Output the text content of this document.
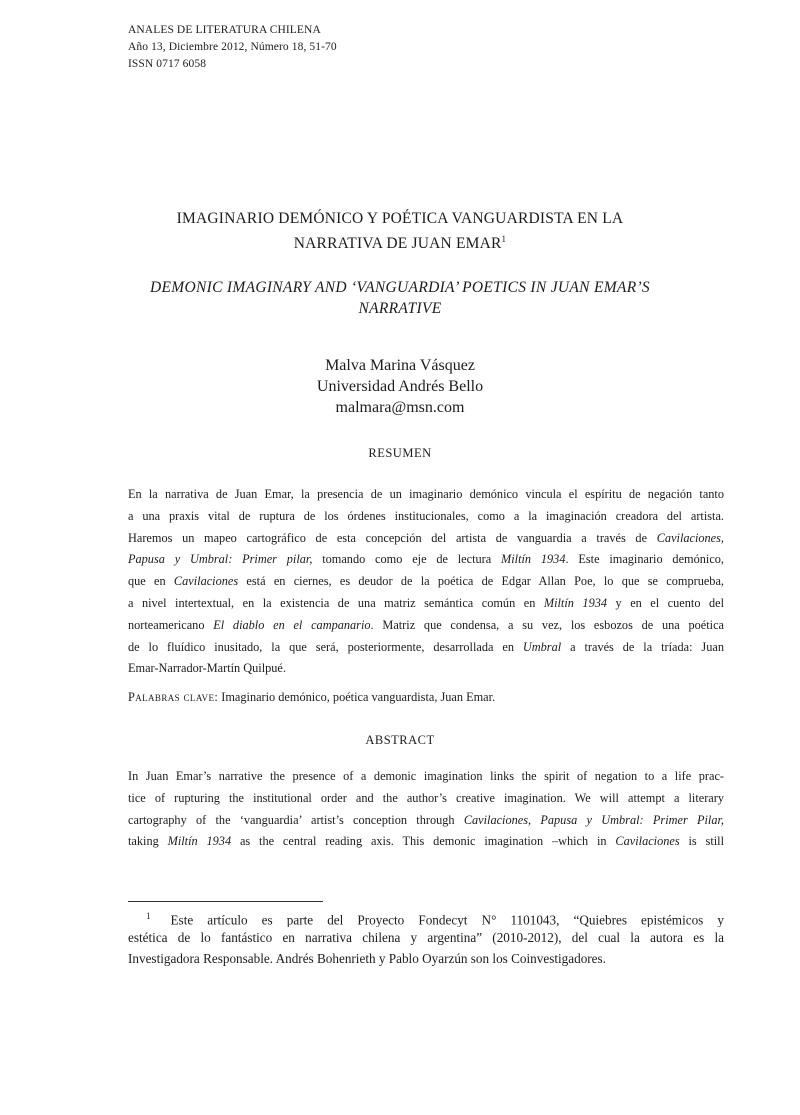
ANALES DE LITERATURA CHILENA
Año 13, Diciembre 2012, Número 18, 51-70
ISSN 0717 6058
IMAGINARIO DEMÓNICO Y POÉTICA VANGUARDISTA EN LA
NARRATIVA DE JUAN EMAR$^1$
DEMONIC IMAGINARY AND ‘VANGUARDIA’ POETICS IN JUAN EMAR’S
NARRATIVE
Malva Marina Vásquez
Universidad Andrés Bello
malmara@msn.com
RESUMEN
En la narrativa de Juan Emar, la presencia de un imaginario demónico vincula el espíritu de negación tanto
a una praxis vital de ruptura de los órdenes institucionales, como a la imaginación creadora del artista.
Haremos un mapeo cartográfico de esta concepción del artista de vanguardia a través de Cavilaciones,
Papusa y Umbral: Primer pilar, tomando como eje de lectura Miltín 1934. Este imaginario demónico,
que en Cavilaciones está en ciernes, es deudor de la poética de Edgar Allan Poe, lo que se comprueba,
a nivel intertextual, en la existencia de una matriz semántica común en Miltín 1934 y en el cuento del
norteamericano El diablo en el campanario. Matriz que condensa, a su vez, los esbozos de una poética
de lo fluídico inusitado, la que será, posteriormente, desarrollada en Umbral a través de la tríada: Juan
Emar-Narrador-Martín Quilpué.
Palabras clave: Imaginario demónico, poética vanguardista, Juan Emar.
ABSTRACT
In Juan Emar’s narrative the presence of a demonic imagination links the spirit of negation to a life prac-
tice of rupturing the institutional order and the author’s creative imagination. We will attempt a literary
cartography of the ‘vanguardia’ artist’s conception through Cavilaciones, Papusa y Umbral: Primer Pilar,
taking Miltín 1934 as the central reading axis. This demonic imagination –which in Cavilaciones is still
$^1$ Este artículo es parte del Proyecto Fondecyt N° 1101043, “Quiebres epistémicos y
estética de lo fantástico en narrativa chilena y argentina” (2010-2012), del cual la autora es la
Investigadora Responsable. Andrés Bohenrieth y Pablo Oyarzún son los Coinvestigadores.
